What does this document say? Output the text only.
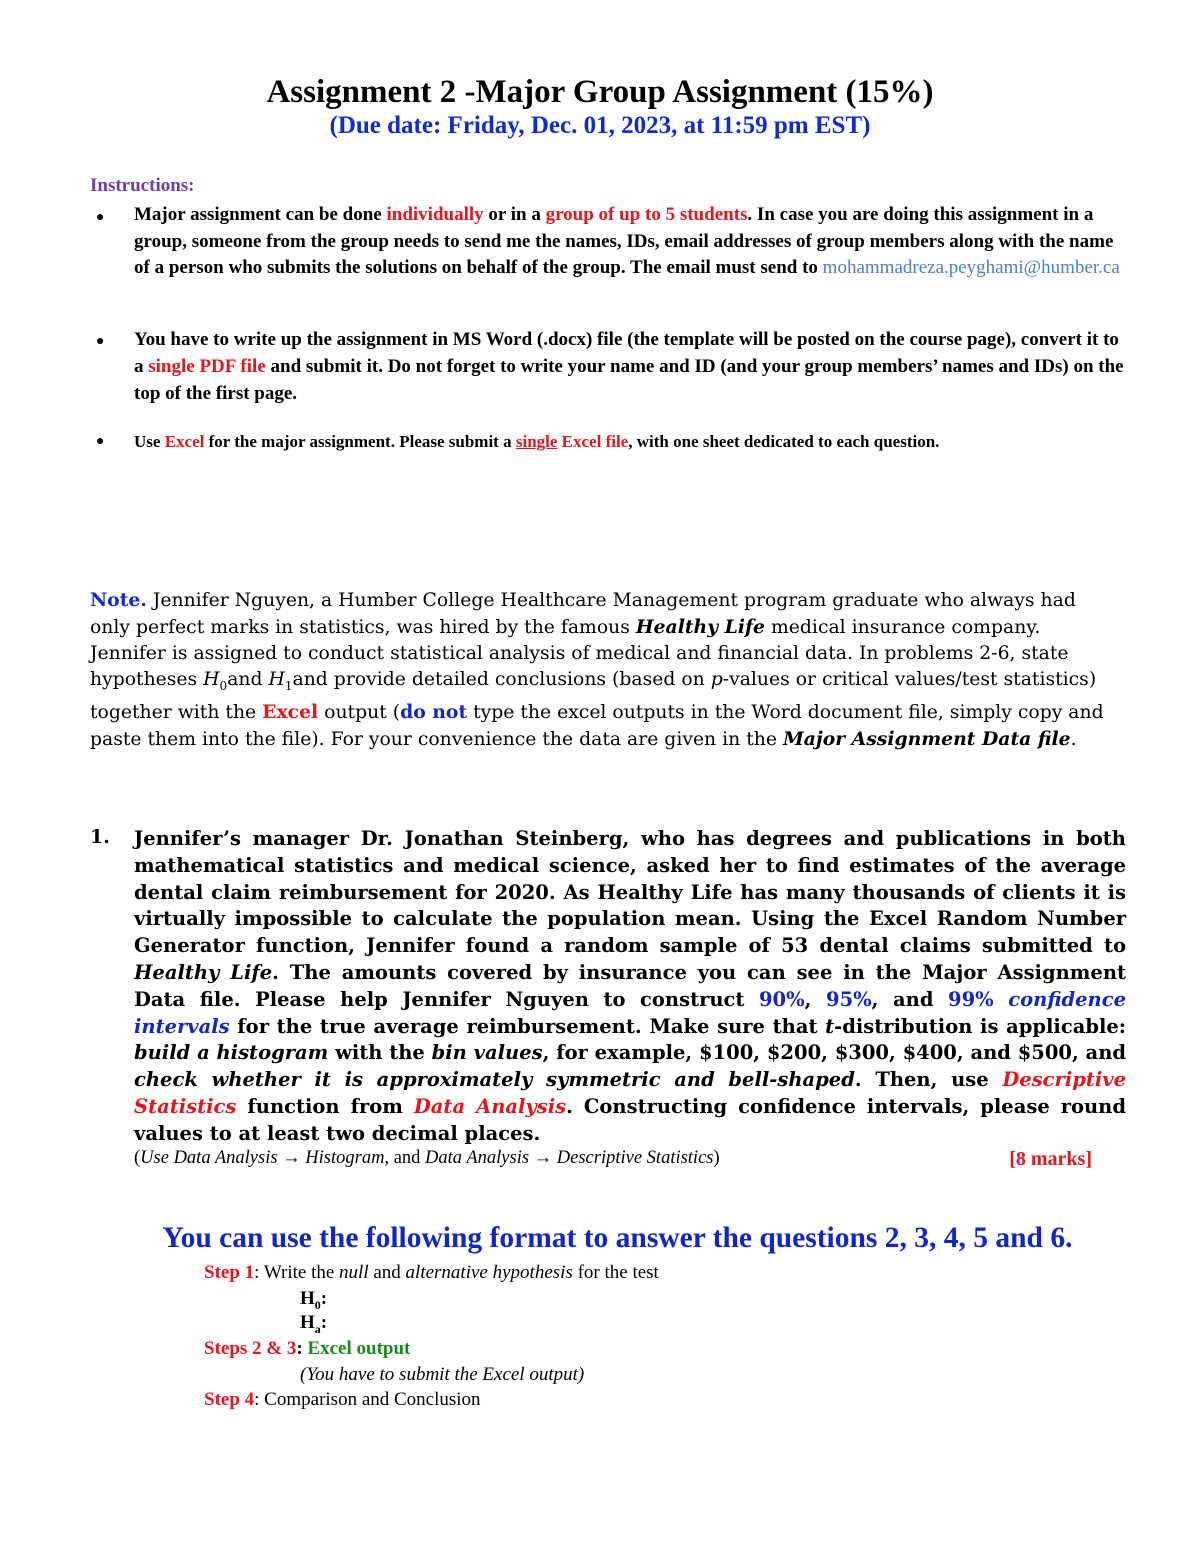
Assignment 2 -Major Group Assignment (15%)
(Due date: Friday, Dec. 01, 2023, at 11:59 pm EST)
Instructions:
● Major assignment can be done individually or in a group of up to 5 students. In case you are doing this assignment in a group, someone from the group needs to send me the names, IDs, email addresses of group members along with the name of a person who submits the solutions on behalf of the group. The email must send to mohammadreza.peyghami@humber.ca
● You have to write up the assignment in MS Word (.docx) file (the template will be posted on the course page), convert it to a single PDF file and submit it. Do not forget to write your name and ID (and your group members’ names and IDs) on the top of the first page.
● Use Excel for the major assignment. Please submit a single Excel file, with one sheet dedicated to each question.
Note. Jennifer Nguyen, a Humber College Healthcare Management program graduate who always had only perfect marks in statistics, was hired by the famous Healthy Life medical insurance company. Jennifer is assigned to conduct statistical analysis of medical and financial data. In problems 2-6, state hypotheses $H_0and$ $H_1and$ provide detailed conclusions (based on p-values or critical values/test statistics) together with the Excel output (do not type the excel outputs in the Word document file, simply copy and paste them into the file). For your convenience the data are given in the Major Assignment Data file.
1. Jennifer’s manager Dr. Jonathan Steinberg, who has degrees and publications in both mathematical statistics and medical science, asked her to find estimates of the average dental claim reimbursement for 2020. As Healthy Life has many thousands of clients it is virtually impossible to calculate the population mean. Using the Excel Random Number Generator function, Jennifer found a random sample of 53 dental claims submitted to Healthy Life. The amounts covered by insurance you can see in the Major Assignment Data file. Please help Jennifer Nguyen to construct 90%, 95%, and 99% confidence intervals for the true average reimbursement. Make sure that t-distribution is applicable: build a histogram with the bin values, for example, $100, $200, $300, $400, and $500, and check whether it is approximately symmetric and bell-shaped. Then, use Descriptive Statistics function from Data Analysis. Constructing confidence intervals, please round values to at least two decimal places.
(Use Data Analysis → Histogram, and Data Analysis → Descriptive Statistics)	[8 marks]
You can use the following format to answer the questions 2, 3, 4, 5 and 6.
Step 1: Write the null and alternative hypothesis for the test
$H_0$:
$H_a$:
Steps 2 & 3: Excel output
(You have to submit the Excel output)
Step 4: Comparison and Conclusion
